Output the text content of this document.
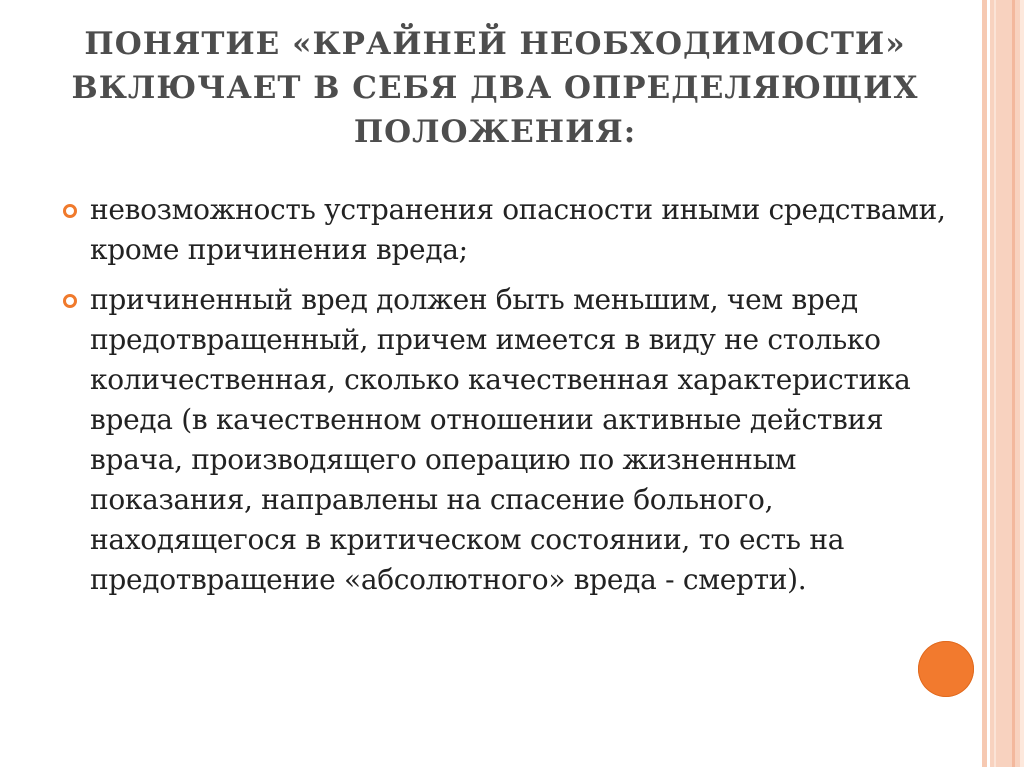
ПОНЯТИЕ «КРАЙНЕЙ НЕОБХОДИМОСТИ» ВКЛЮЧАЕТ В СЕБЯ ДВА ОПРЕДЕЛЯЮЩИХ ПОЛОЖЕНИЯ:
невозможность устранения опасности иными средствами, кроме причинения вреда;
причиненный вред должен быть меньшим, чем вред предотвращенный, причем имеется в виду не столько количественная, сколько качественная характеристика вреда (в качественном отношении активные действия врача, производящего операцию по жизненным показания, направлены на спасение больного, находящегося в критическом состоянии, то есть на предотвращение «абсолютного» вреда - смерти).
